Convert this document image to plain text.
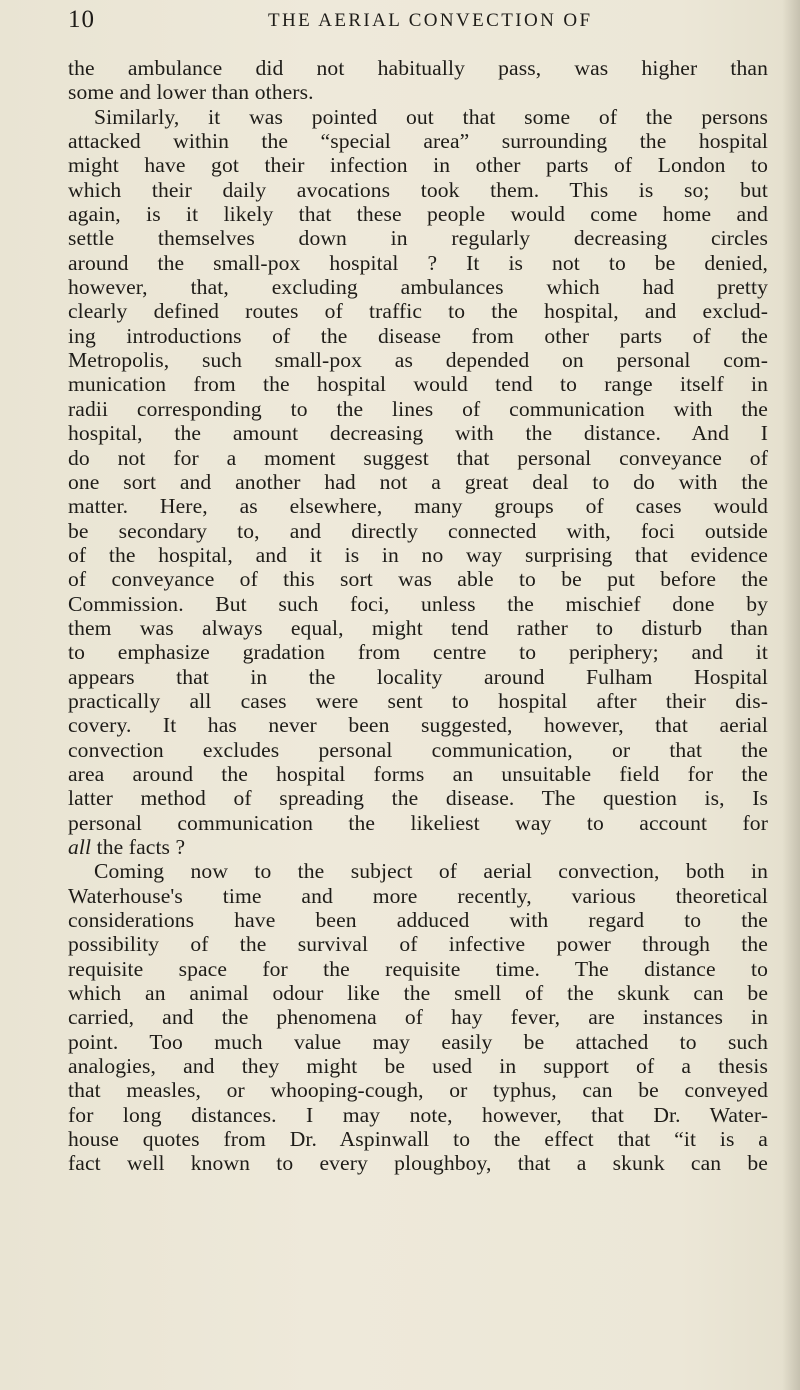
10	THE AERIAL CONVECTION OF
the ambulance did not habitually pass, was higher than
some and lower than others.
Similarly, it was pointed out that some of the persons
attacked within the “special area” surrounding the hospital
might have got their infection in other parts of London to
which their daily avocations took them. This is so; but
again, is it likely that these people would come home and
settle themselves down in regularly decreasing circles
around the small-pox hospital ? It is not to be denied,
however, that, excluding ambulances which had pretty
clearly defined routes of traffic to the hospital, and exclud-
ing introductions of the disease from other parts of the
Metropolis, such small-pox as depended on personal com-
munication from the hospital would tend to range itself in
radii corresponding to the lines of communication with the
hospital, the amount decreasing with the distance. And I
do not for a moment suggest that personal conveyance of
one sort and another had not a great deal to do with the
matter. Here, as elsewhere, many groups of cases would
be secondary to, and directly connected with, foci outside
of the hospital, and it is in no way surprising that evidence
of conveyance of this sort was able to be put before the
Commission. But such foci, unless the mischief done by
them was always equal, might tend rather to disturb than
to emphasize gradation from centre to periphery; and it
appears that in the locality around Fulham Hospital
practically all cases were sent to hospital after their dis-
covery. It has never been suggested, however, that aerial
convection excludes personal communication, or that the
area around the hospital forms an unsuitable field for the
latter method of spreading the disease. The question is, Is
personal communication the likeliest way to account for
all the facts ?
Coming now to the subject of aerial convection, both in
Waterhouse's time and more recently, various theoretical
considerations have been adduced with regard to the
possibility of the survival of infective power through the
requisite space for the requisite time. The distance to
which an animal odour like the smell of the skunk can be
carried, and the phenomena of hay fever, are instances in
point. Too much value may easily be attached to such
analogies, and they might be used in support of a thesis
that measles, or whooping-cough, or typhus, can be conveyed
for long distances. I may note, however, that Dr. Water-
house quotes from Dr. Aspinwall to the effect that “it is a
fact well known to every ploughboy, that a skunk can be
